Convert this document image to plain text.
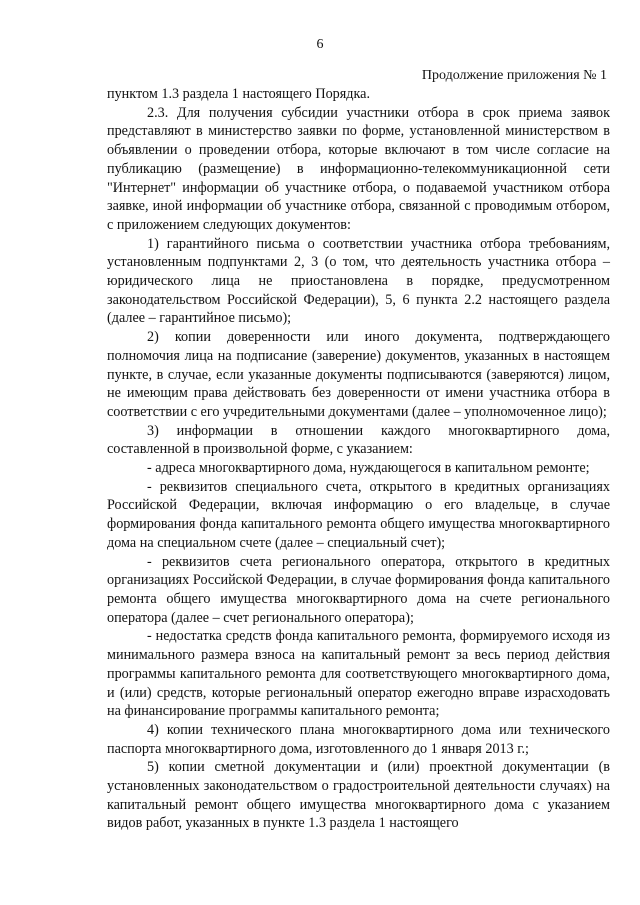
6
Продолжение приложения № 1

пунктом 1.3 раздела 1 настоящего Порядка.

2.3. Для получения субсидии участники отбора в срок приема заявок представляют в министерство заявки по форме, установленной министерством в объявлении о проведении отбора, которые включают в том числе согласие на публикацию (размещение) в информационно-телекоммуникационной сети "Интернет" информации об участнике отбора, о подаваемой участником отбора заявке, иной информации об участнике отбора, связанной с проводимым отбором, с приложением следующих документов:

1) гарантийного письма о соответствии участника отбора требованиям, установленным подпунктами 2, 3 (о том, что деятельность участника отбора – юридического лица не приостановлена в порядке, предусмотренном законодательством Российской Федерации), 5, 6 пункта 2.2 настоящего раздела (далее – гарантийное письмо);

2) копии доверенности или иного документа, подтверждающего полномочия лица на подписание (заверение) документов, указанных в настоящем пункте, в случае, если указанные документы подписываются (заверяются) лицом, не имеющим права действовать без доверенности от имени участника отбора в соответствии с его учредительными документами (далее – уполномоченное лицо);

3) информации в отношении каждого многоквартирного дома, составленной в произвольной форме, с указанием:

- адреса многоквартирного дома, нуждающегося в капитальном ремонте;

- реквизитов специального счета, открытого в кредитных организациях Российской Федерации, включая информацию о его владельце, в случае формирования фонда капитального ремонта общего имущества многоквартирного дома на специальном счете (далее – специальный счет);

- реквизитов счета регионального оператора, открытого в кредитных организациях Российской Федерации, в случае формирования фонда капитального ремонта общего имущества многоквартирного дома на счете регионального оператора (далее – счет регионального оператора);

- недостатка средств фонда капитального ремонта, формируемого исходя из минимального размера взноса на капитальный ремонт за весь период действия программы капитального ремонта для соответствующего многоквартирного дома, и (или) средств, которые региональный оператор ежегодно вправе израсходовать на финансирование программы капитального ремонта;

4) копии технического плана многоквартирного дома или технического паспорта многоквартирного дома, изготовленного до 1 января 2013 г.;

5) копии сметной документации и (или) проектной документации (в установленных законодательством о градостроительной деятельности случаях) на капитальный ремонт общего имущества многоквартирного дома с указанием видов работ, указанных в пункте 1.3 раздела 1 настоящего
